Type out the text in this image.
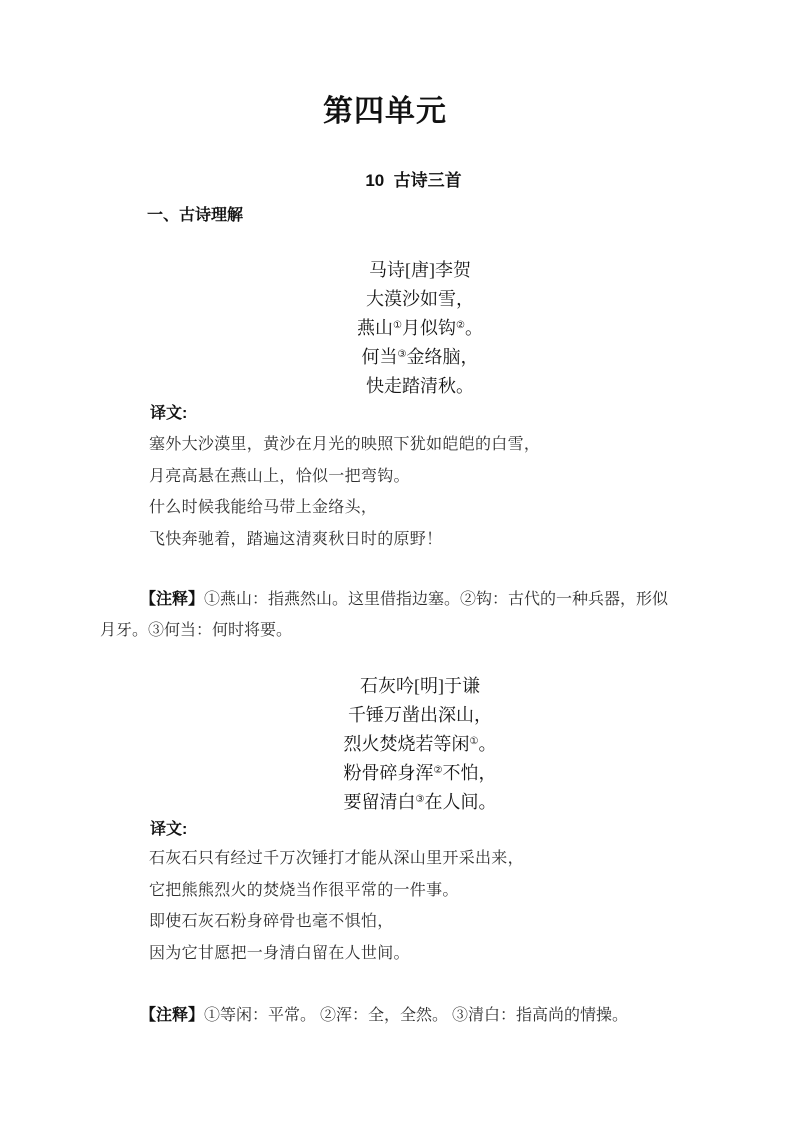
第四单元
10  古诗三首
一、古诗理解
马诗[唐]李贺
大漠沙如雪，
燕山①月似钩②。
何当③金络脑，
快走踏清秋。
译文:

塞外大沙漠里，黄沙在月光的映照下犹如皑皑的白雪，

月亮高悬在燕山上，恰似一把弯钩。

什么时候我能给马带上金络头，

飞快奔驰着，踏遍这清爽秋日时的原野！

【注释】①燕山：指燕然山。这里借指边塞。②钩：古代的一种兵器，形似
月牙。③何当：何时将要。
石灰吟[明]于谦
千锤万凿出深山，
烈火焚烧若等闲①。
粉骨碎身浑②不怕，
要留清白③在人间。
译文:

石灰石只有经过千万次锤打才能从深山里开采出来，

它把熊熊烈火的焚烧当作很平常的一件事。

即使石灰石粉身碎骨也毫不惧怕，

因为它甘愿把一身清白留在人世间。

【注释】①等闲：平常。 ②浑：全，全然。 ③清白：指高尚的情操。
